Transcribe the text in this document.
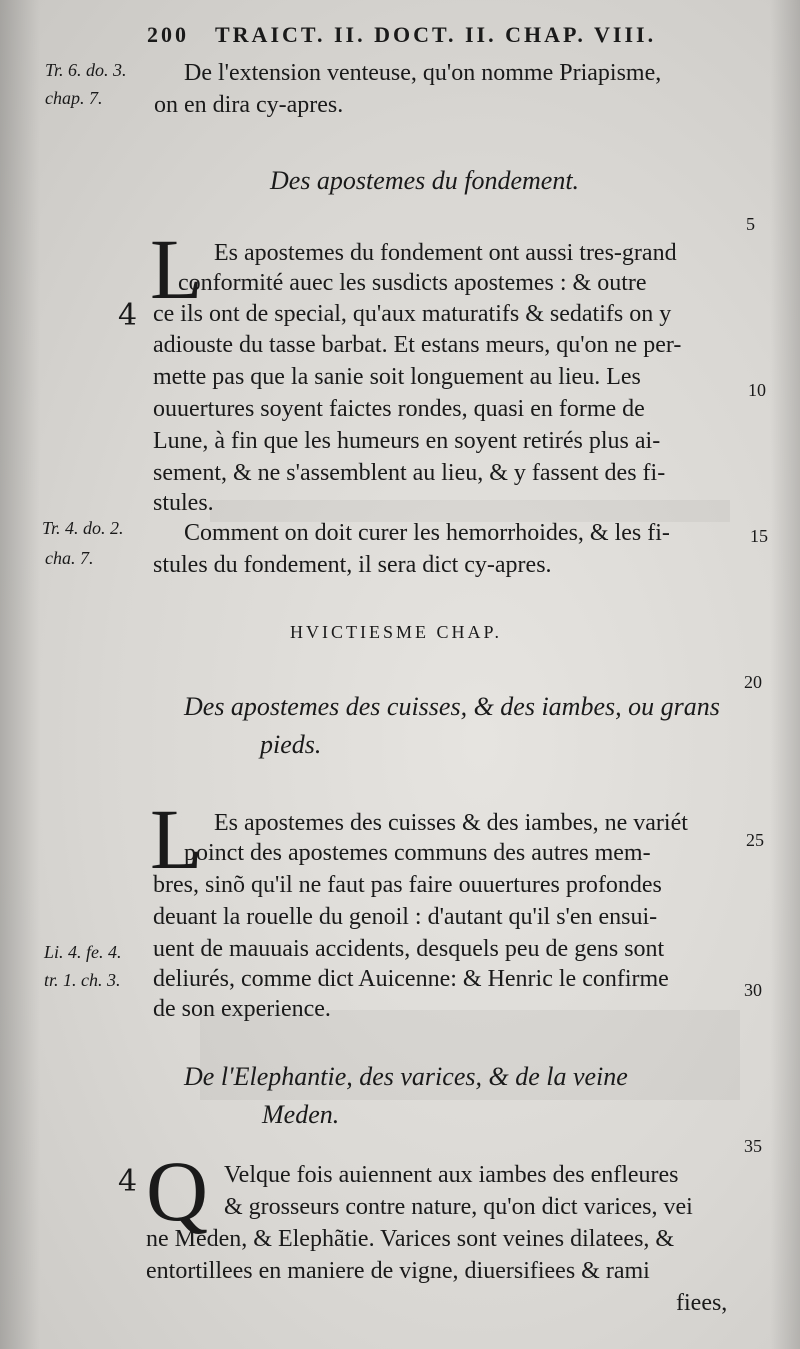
200 TRAICT. II. DOCT. II. CHAP. VIII.
Tr. 6. do. 3.
chap. 7.
Tr. 4. do. 2.
cha. 7.
Li. 4. fe. 4.
tr. 1. ch. 3.
5
10
15
20
25
30
35
4
4
De l'extension venteuse, qu'on nomme Priapisme,
on en dira cy-apres.
Des apostemes du fondement.
L Es apostemes du fondement ont aussi tres-grand
conformité auec les susdicts apostemes : & outre
ce ils ont de special, qu'aux maturatifs & sedatifs on y
adiouste du tasse barbat. Et estans meurs, qu'on ne per-
mette pas que la sanie soit longuement au lieu. Les
ouuertures soyent faictes rondes, quasi en forme de
Lune, à fin que les humeurs en soyent retirés plus ai-
sement, & ne s'assemblent au lieu, & y fassent des fi-
stules.
Comment on doit curer les hemorrhoides, & les fi-
stules du fondement, il sera dict cy-apres.
HVICTIESME CHAP.
Des apostemes des cuisses, & des iambes, ou grans
pieds.
L Es apostemes des cuisses & des iambes, ne variét
poinct des apostemes communs des autres mem-
bres, sinõ qu'il ne faut pas faire ouuertures profondes
deuant la rouelle du genoil : d'autant qu'il s'en ensui-
uent de mauuais accidents, desquels peu de gens sont
deliurés, comme dict Auicenne: & Henric le confirme
de son experience.
De l'Elephantie, des varices, & de la veine
Meden.
Q Velque fois auiennent aux iambes des enfleures
& grosseurs contre nature, qu'on dict varices, vei
ne Meden, & Elephãtie. Varices sont veines dilatees, &
entortillees en maniere de vigne, diuersifiees & rami
fiees,
